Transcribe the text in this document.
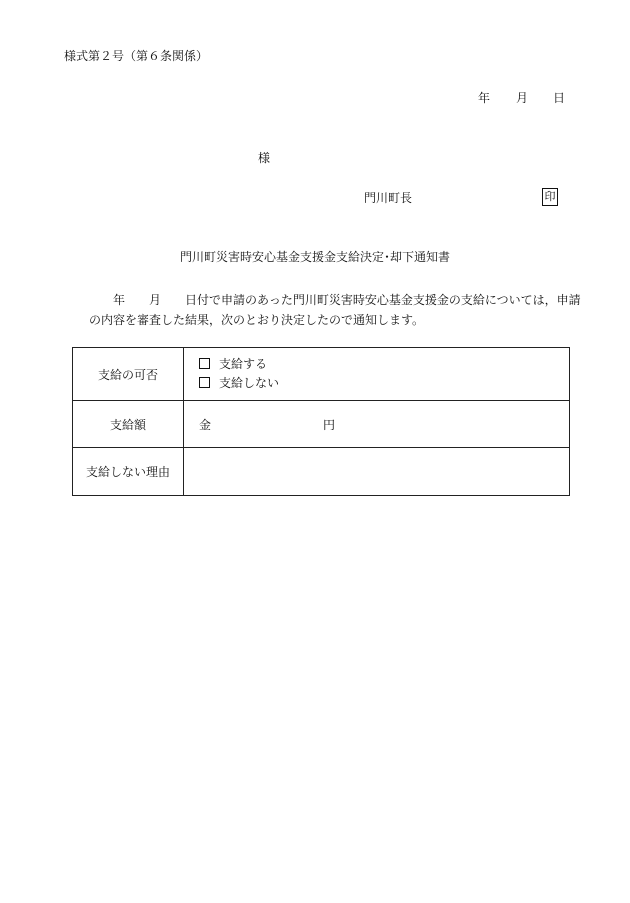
様式第２号（第６条関係）
年 月 日
様
門川町長	印
門川町災害時安心基金支援金支給決定･却下通知書
年　　月　　日付で申請のあった門川町災害時安心基金支援金の支給については，申請
の内容を審査した結果，次のとおり決定したので通知します。
支給の可否	支給する
支給しない

支給額	金 円
支給しない理由	
